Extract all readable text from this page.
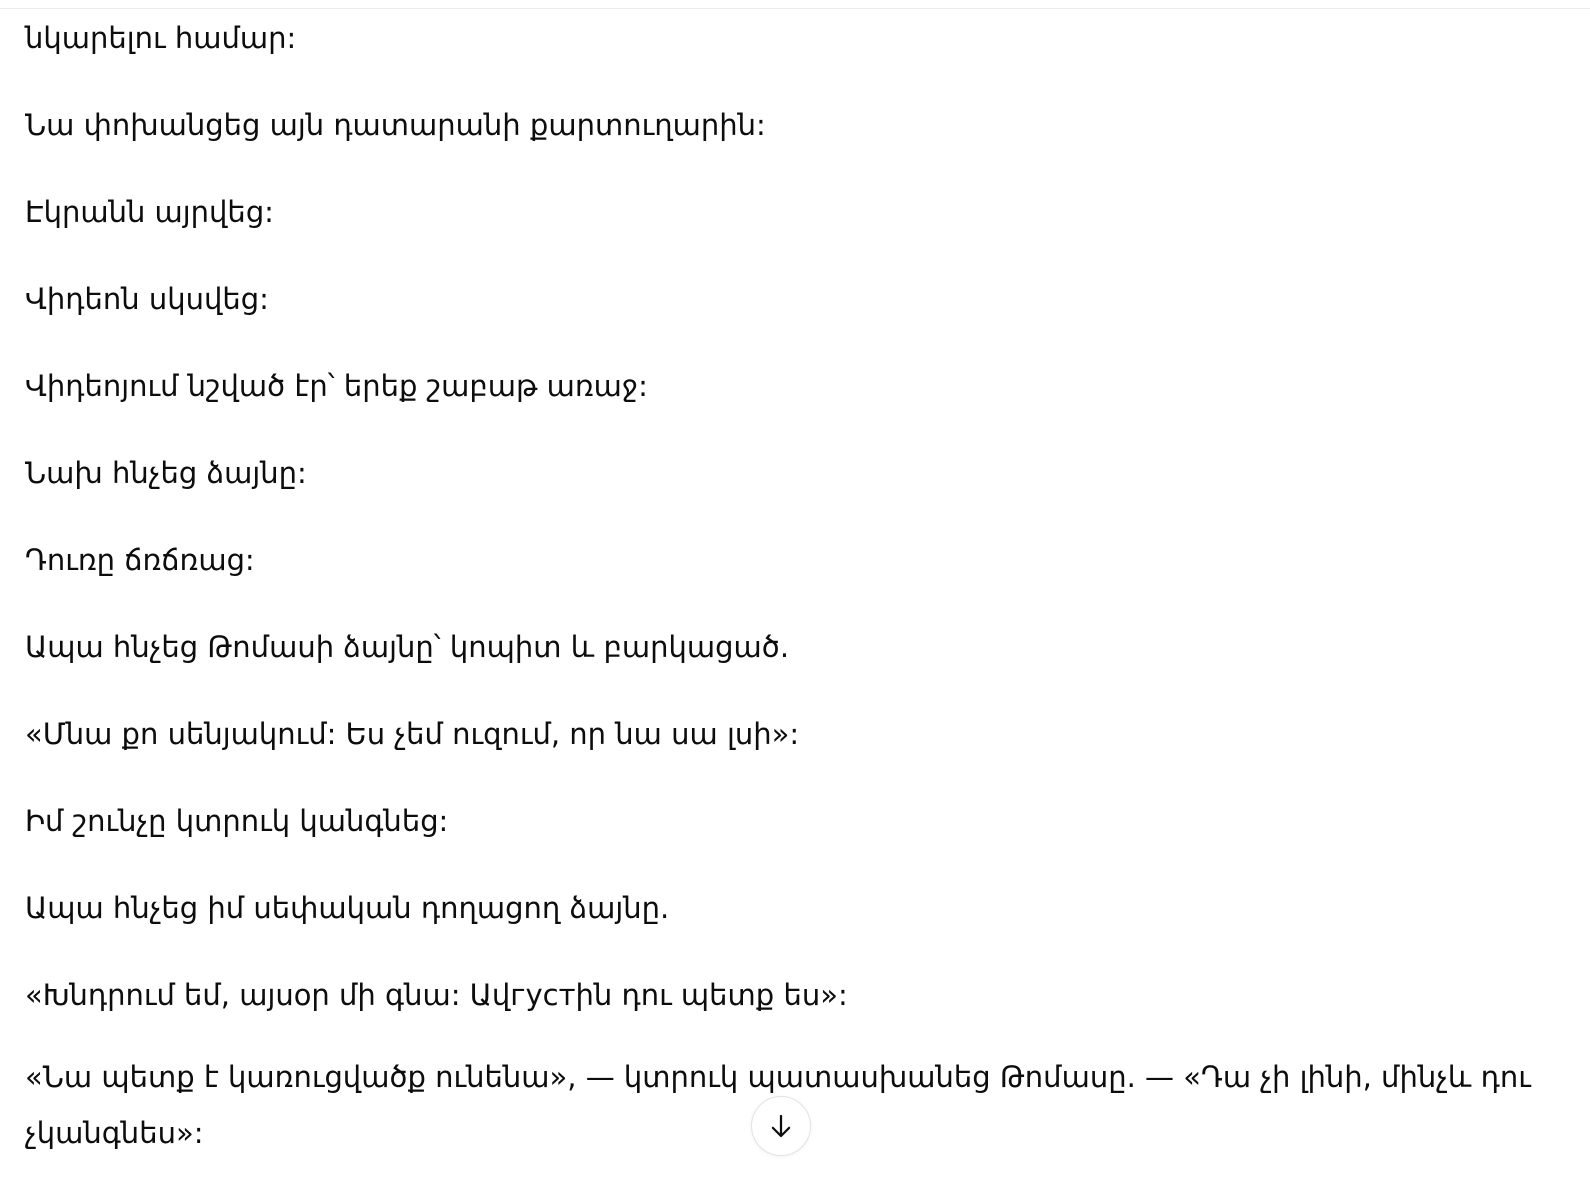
նկարելու համար:

Նա փոխանցեց այն դատարանի քարտուղարին:

Էկրանն այրվեց:

Վիդեոն սկսվեց:

Վիդեոյում նշված էր՝ երեք շաբաթ առաջ:

Նախ հնչեց ձայնը:

Դուռը ճռճռաց:

Ապա հնչեց Թոմասի ձայնը՝ կոպիտ և բարկացած.

«Մնա քո սենյակում: Ես չեմ ուզում, որ նա սա լսի»:

Իմ շունչը կտրուկ կանգնեց:

Ապա հնչեց իմ սեփական դողացող ձայնը.

«Խնդրում եմ, այսօր մի գնա: Ավгустին դու պետք ես»:

«Նա պետք է կառուցվածք ունենա», — կտրուկ պատասխանեց Թոմասը. — «Դա չի լինի, մինչև դու չկանգնես»:
